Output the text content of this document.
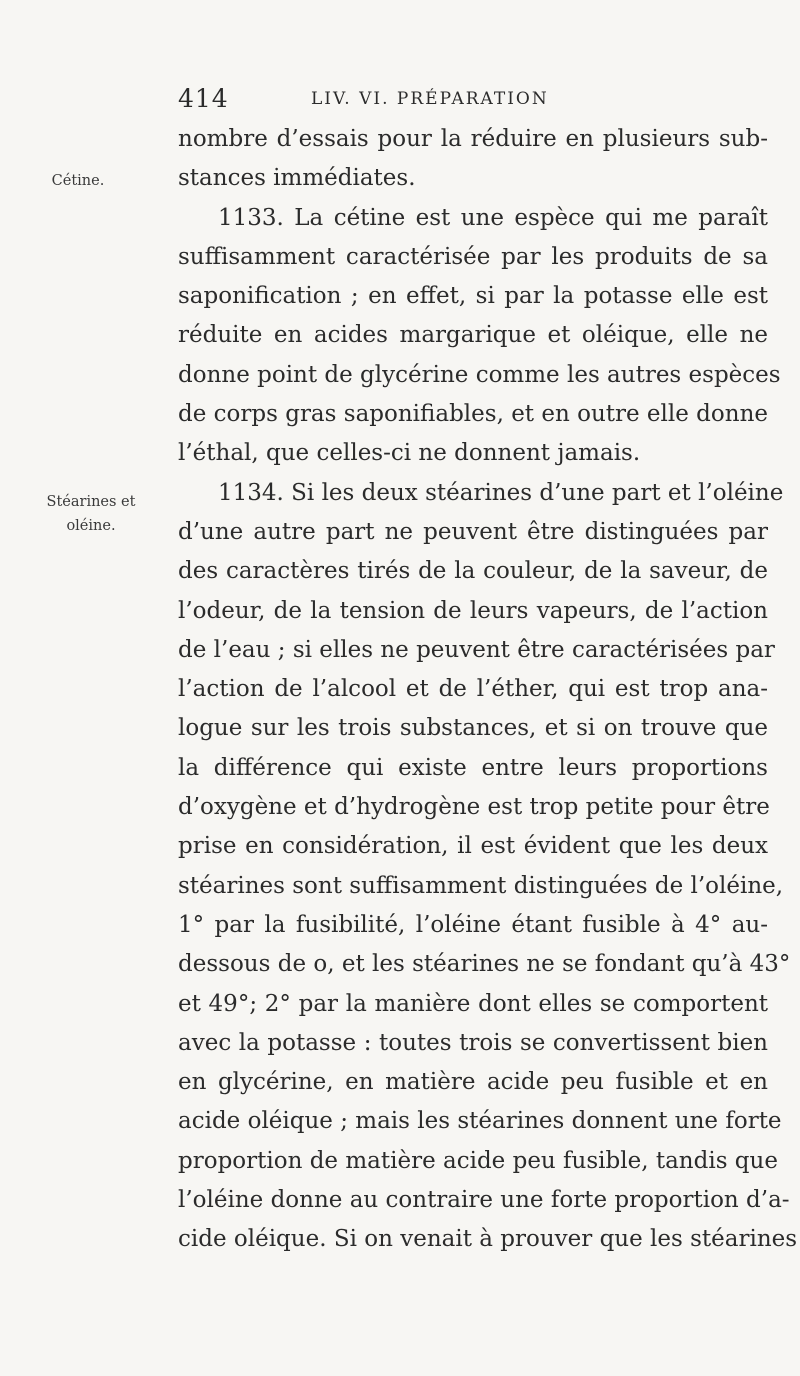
414	LIV. VI. PRÉPARATION
Cétine.
Stéarines et
oléine.
nombre d’essais pour la réduire en plusieurs sub-
stances immédiates.
1133. La cétine est une espèce qui me paraît
suffisamment caractérisée par les produits de sa
saponification ; en effet, si par la potasse elle est
réduite en acides margarique et oléique, elle ne
donne point de glycérine comme les autres espèces
de corps gras saponifiables, et en outre elle donne
l’éthal, que celles-ci ne donnent jamais.
1134. Si les deux stéarines d’une part et l’oléine
d’une autre part ne peuvent être distinguées par
des caractères tirés de la couleur, de la saveur, de
l’odeur, de la tension de leurs vapeurs, de l’action
de l’eau ; si elles ne peuvent être caractérisées par
l’action de l’alcool et de l’éther, qui est trop ana-
logue sur les trois substances, et si on trouve que
la différence qui existe entre leurs proportions
d’oxygène et d’hydrogène est trop petite pour être
prise en considération, il est évident que les deux
stéarines sont suffisamment distinguées de l’oléine,
1° par la fusibilité, l’oléine étant fusible à 4° au-
dessous de o, et les stéarines ne se fondant qu’à 43°
et 49°; 2° par la manière dont elles se comportent
avec la potasse : toutes trois se convertissent bien
en glycérine, en matière acide peu fusible et en
acide oléique ; mais les stéarines donnent une forte
proportion de matière acide peu fusible, tandis que
l’oléine donne au contraire une forte proportion d’a-
cide oléique. Si on venait à prouver que les stéarines
